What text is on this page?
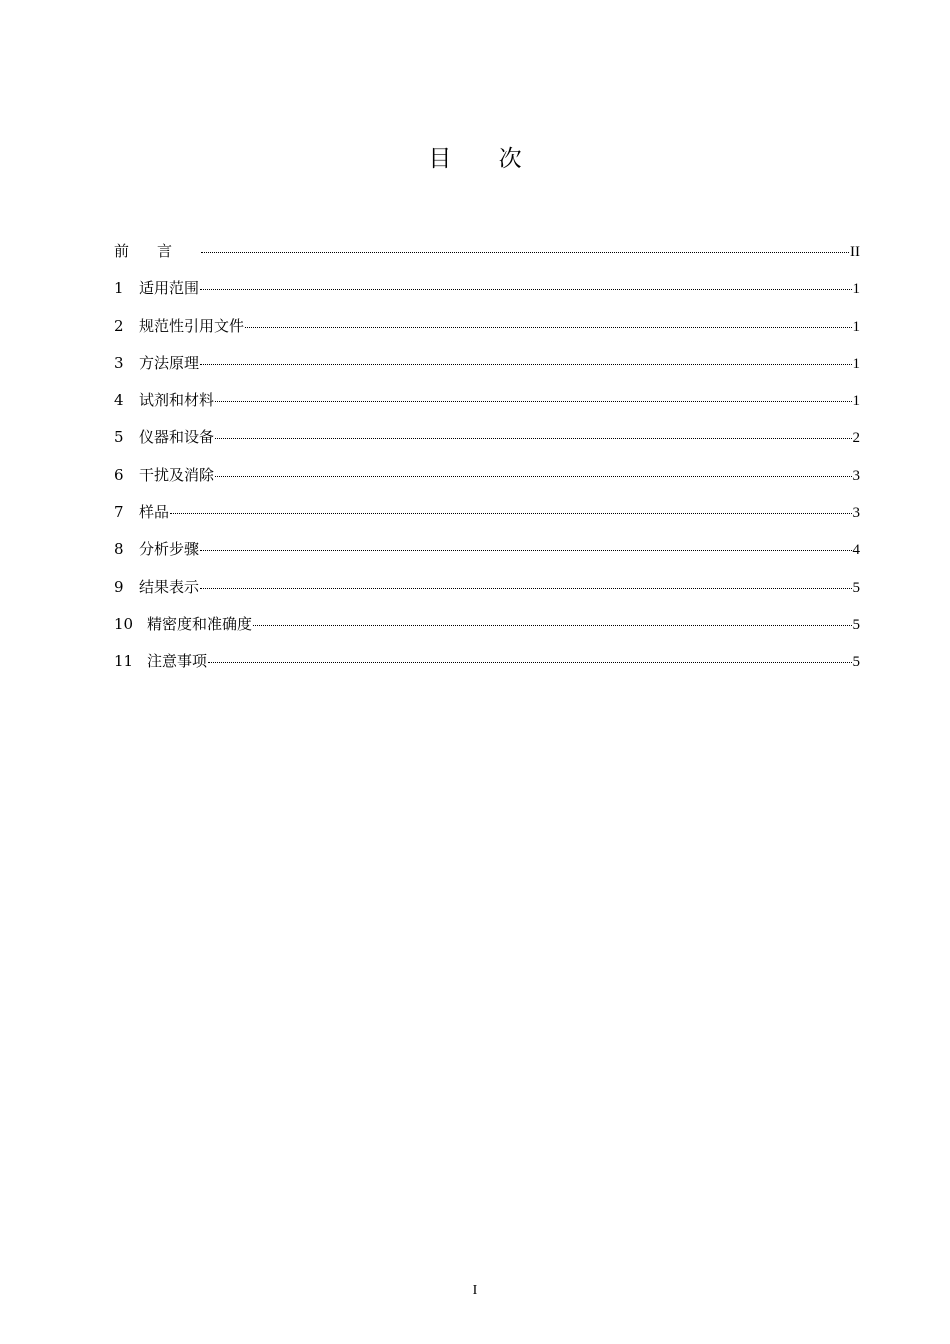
目 次
前言	II
1	适用范围	1
2	规范性引用文件	1
3	方法原理	1
4	试剂和材料	1
5	仪器和设备	2
6	干扰及消除	3
7	样品	3
8	分析步骤	4
9	结果表示	5
10 精密度和准确度	5
11 注意事项	5
I
